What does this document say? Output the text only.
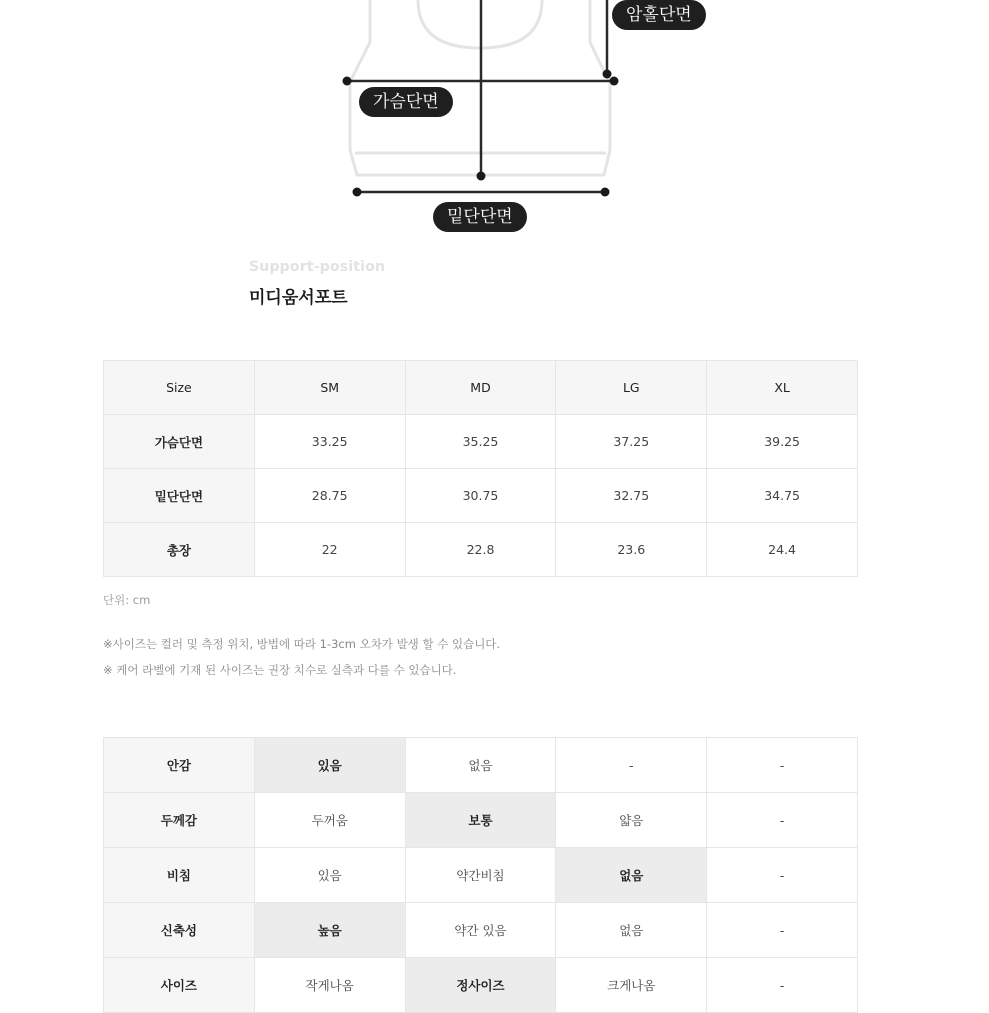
암홀단면
가슴단면
밑단단면
Support-position
미디움서포트
Size	SM	MD	LG	XL
가슴단면	33.25	35.25	37.25	39.25
밑단단면	28.75	30.75	32.75	34.75
총장	22	22.8	23.6	24.4
단위: cm
※사이즈는 컬러 및 측정 위치, 방법에 따라 1-3cm 오차가 발생 할 수 있습니다.
※ 케어 라벨에 기재 된 사이즈는 권장 치수로 실측과 다를 수 있습니다.
안감	있음	없음	-	-
두께감	두꺼움	보통	얇음	-
비침	있음	약간비침	없음	-
신축성	높음	약간 있음	없음	-
사이즈	작게나옴	정사이즈	크게나옴	-
